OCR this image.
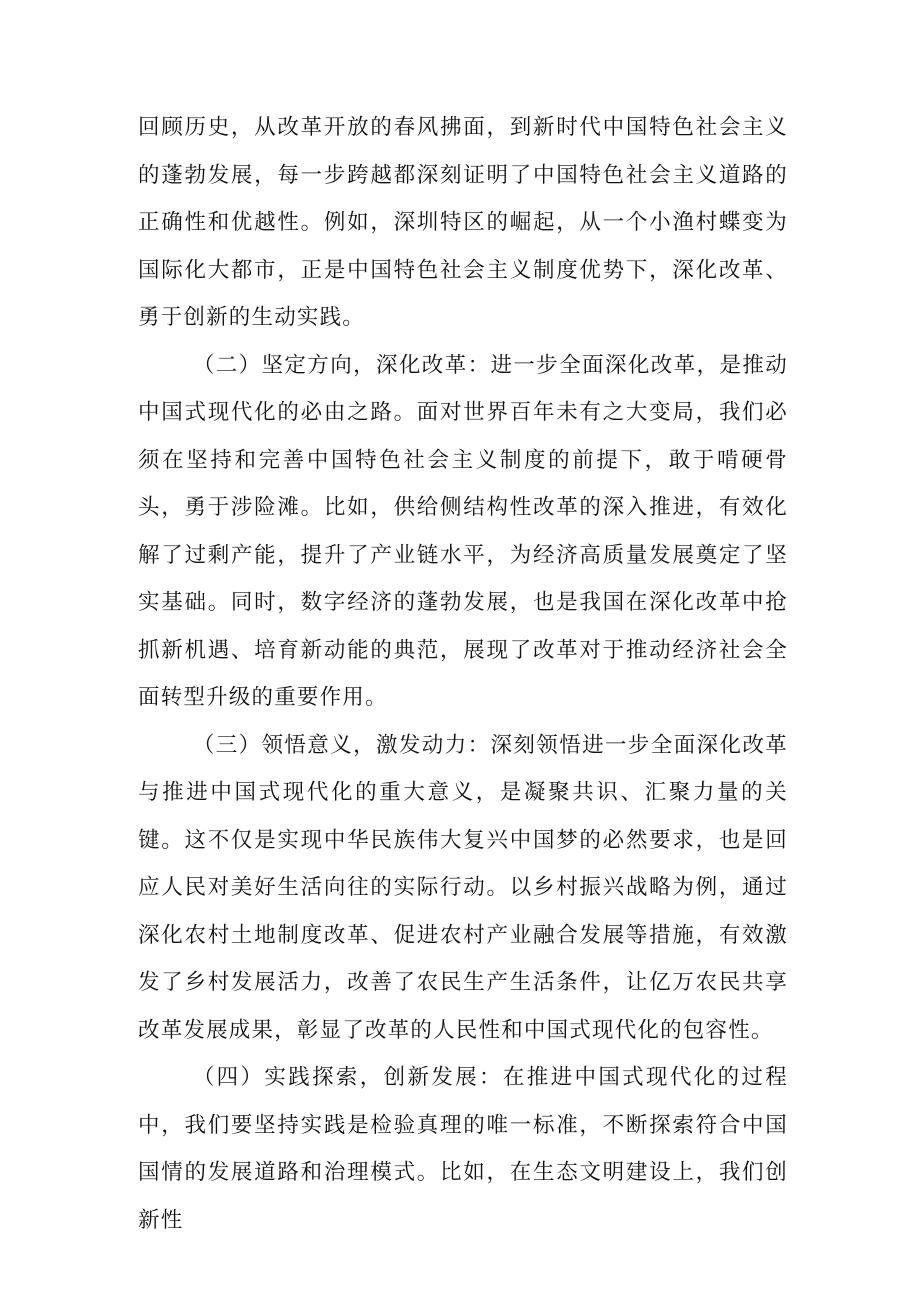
回顾历史，从改革开放的春风拂面，到新时代中国特色社会主义的蓬勃发展，每一步跨越都深刻证明了中国特色社会主义道路的正确性和优越性。例如，深圳特区的崛起，从一个小渔村蝶变为国际化大都市，正是中国特色社会主义制度优势下，深化改革、勇于创新的生动实践。

（二）坚定方向，深化改革：进一步全面深化改革，是推动中国式现代化的必由之路。面对世界百年未有之大变局，我们必须在坚持和完善中国特色社会主义制度的前提下，敢于啃硬骨头，勇于涉险滩。比如，供给侧结构性改革的深入推进，有效化解了过剩产能，提升了产业链水平，为经济高质量发展奠定了坚实基础。同时，数字经济的蓬勃发展，也是我国在深化改革中抢抓新机遇、培育新动能的典范，展现了改革对于推动经济社会全面转型升级的重要作用。

（三）领悟意义，激发动力：深刻领悟进一步全面深化改革与推进中国式现代化的重大意义，是凝聚共识、汇聚力量的关键。这不仅是实现中华民族伟大复兴中国梦的必然要求，也是回应人民对美好生活向往的实际行动。以乡村振兴战略为例，通过深化农村土地制度改革、促进农村产业融合发展等措施，有效激发了乡村发展活力，改善了农民生产生活条件，让亿万农民共享改革发展成果，彰显了改革的人民性和中国式现代化的包容性。

（四）实践探索，创新发展：在推进中国式现代化的过程中，我们要坚持实践是检验真理的唯一标准，不断探索符合中国国情的发展道路和治理模式。比如，在生态文明建设上，我们创新性
